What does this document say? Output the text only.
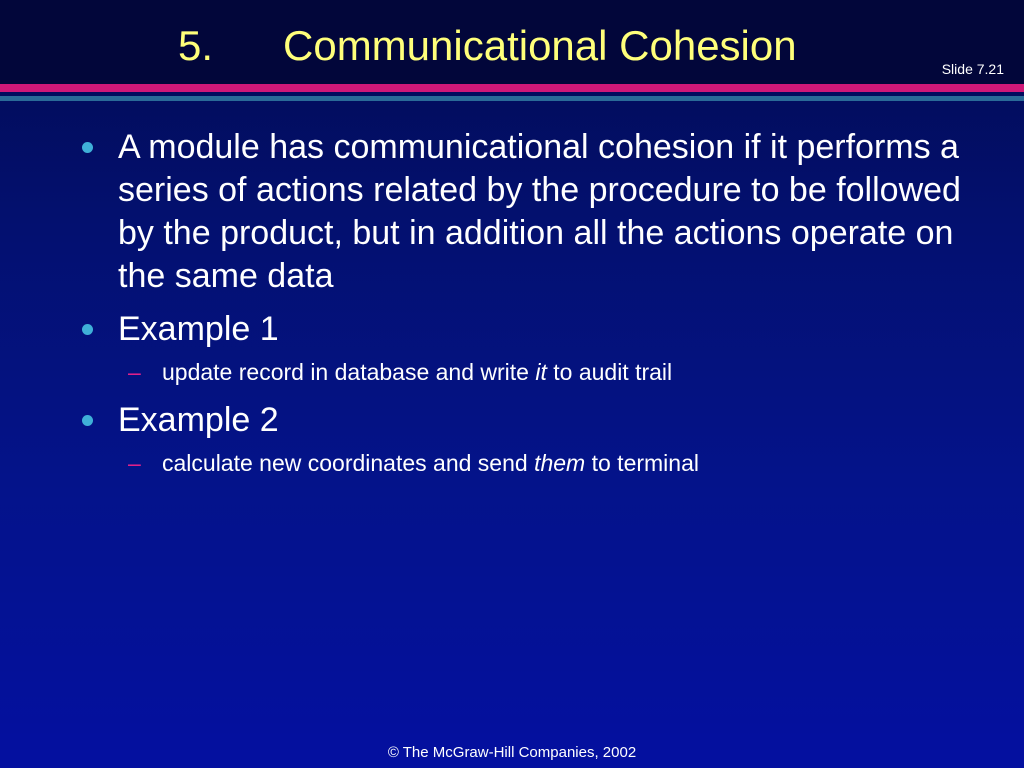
5. Communicational Cohesion	Slide 7.21
A module has communicational cohesion if it performs a series of actions related by the procedure to be followed by the product, but in addition all the actions operate on the same data
Example 1
– update record in database and write it to audit trail
Example 2
– calculate new coordinates and send them to terminal
© The McGraw-Hill Companies, 2002
